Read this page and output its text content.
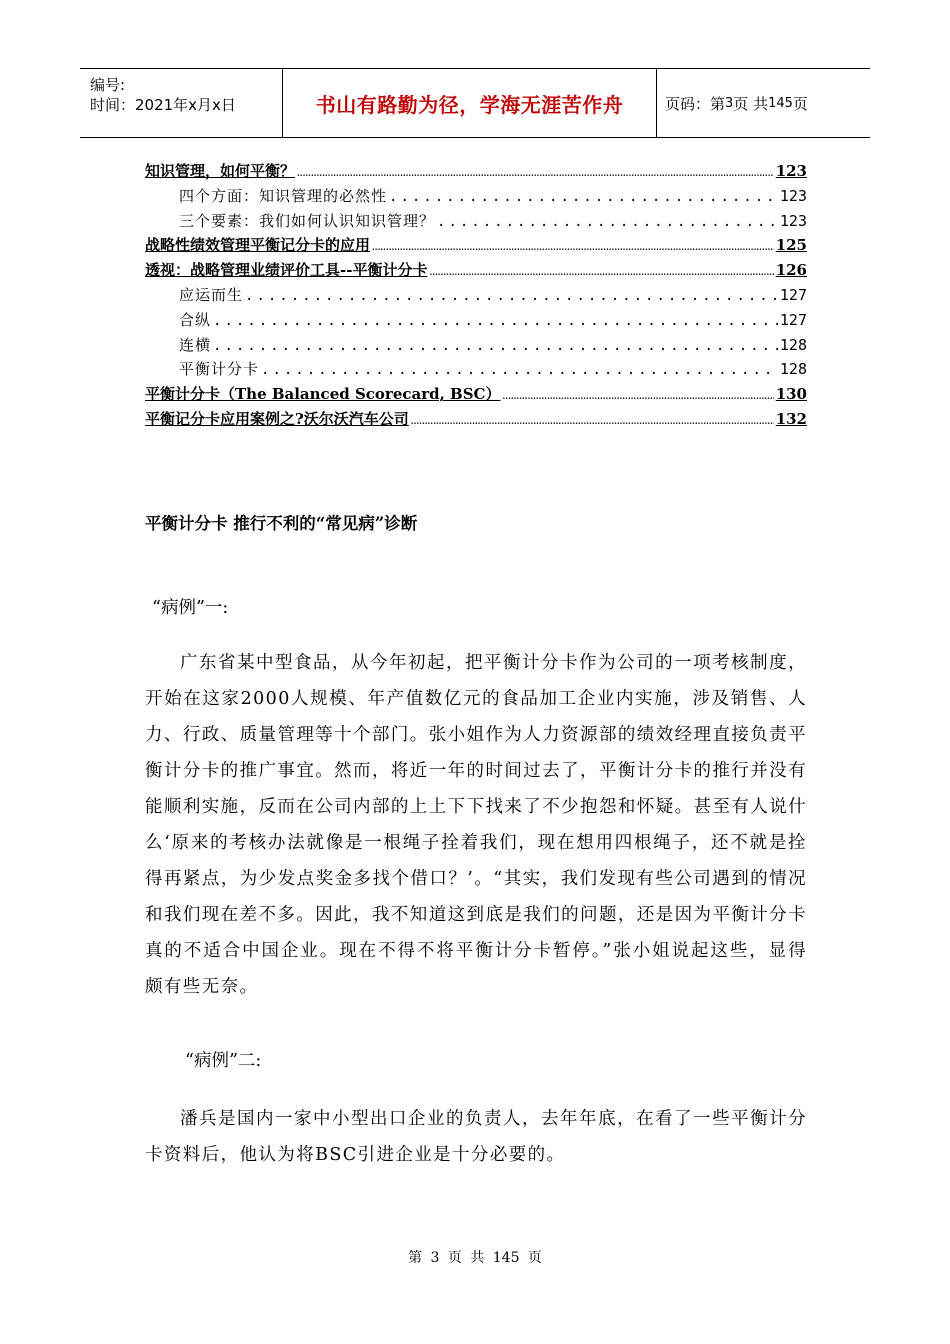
编号:
时间：2021年x月x日	书山有路勤为径，学海无涯苦作舟	页码：第 3 页 共 145 页
知识管理，如何平衡？ .....	123
四个方面：知识管理的必然性 .....	123
三个要素：我们如何认识知识管理？ .....	123
战略性绩效管理平衡记分卡的应用 .....	125
透视：战略管理业绩评价工具--平衡计分卡 .....	126
应运而生 .....	127
合纵 .....	127
连横 .....	128
平衡计分卡 .....	128
平衡计分卡（The Balanced Scorecard, BSC） .....	130
平衡记分卡应用案例之?沃尔沃汽车公司 .....	132
平衡计分卡 推行不利的“常见病”诊断
“病例”一:

广东省某中型食品，从今年初起，把平衡计分卡作为公司的一项考核制度，开始在这家2000人规模、年产值数亿元的食品加工企业内实施，涉及销售、人力、行政、质量管理等十个部门。张小姐作为人力资源部的绩效经理直接负责平衡计分卡的推广事宜。然而，将近一年的时间过去了，平衡计分卡的推行并没有能顺利实施，反而在公司内部的上上下下找来了不少抱怨和怀疑。甚至有人说什么‘原来的考核办法就像是一根绳子拴着我们，现在想用四根绳子，还不就是拴得再紧点，为少发点奖金多找个借口？’。“其实，我们发现有些公司遇到的情况和我们现在差不多。因此，我不知道这到底是我们的问题，还是因为平衡计分卡真的不适合中国企业。现在不得不将平衡计分卡暂停。”张小姐说起这些，显得颇有些无奈。

“病例”二:

潘兵是国内一家中小型出口企业的负责人，去年年底，在看了一些平衡计分卡资料后，他认为将BSC引进企业是十分必要的。

第 3 页 共 145 页
